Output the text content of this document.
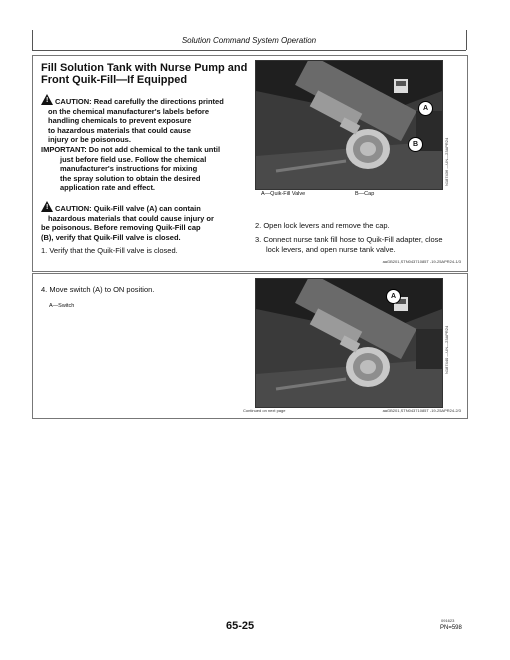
Solution Command System Operation
Fill Solution Tank with Nurse Pump and
Front Quik-Fill—If Equipped
! CAUTION: Read carefully the directions printed
on the chemical manufacturer's labels before
handling chemicals to prevent exposure
to hazardous materials that could cause
injury or be poisonous.
IMPORTANT: Do not add chemical to the tank until
just before field use. Follow the chemical
manufacturer's instructions for mixing
the spray solution to obtain the desired
application rate and effect.
! CAUTION: Quik-Fill valve (A) can contain
hazardous materials that could cause injury or
be poisonous. Before removing Quik-Fill cap
(B), verify that Quik-Fill valve is closed.
1. Verify that the Quik-Fill valve is closed.
A
B	N187436 —UN—23APR24
A—Quik-Fill Valve	B—Cap
2. Open lock levers and remove the cap.
3. Connect nurse tank fill hose to Quik-Fill adapter, close
lock levers, and open nurse tank valve.
aaGB201,STN04371085T -19-25APR24-1/3
4. Move switch (A) to ON position.
A—Switch
A
N187440 —UN—23APR24
Continued on next page	aaGB201,STN04371085T -19-25APR24-2/3
65-25	091623
PN=598
